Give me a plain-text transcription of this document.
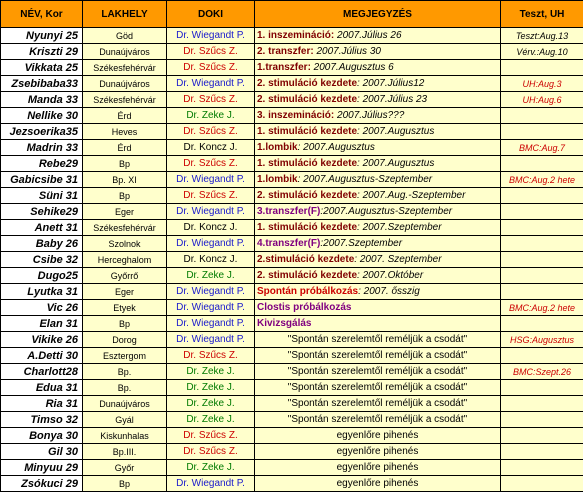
NÉV, Kor	LAKHELY	DOKI	MEGJEGYZÉS	Teszt, UH
Nyunyi 25	Göd	Dr. Wiegandt P.	1. inszemináció: 2007.Július 26	Teszt:Aug.13
Kriszti 29	Dunaújváros	Dr. Szűcs Z.	2. transzfer: 2007.Július 30	Vérv.:Aug.10
Vikkata 25	Székesfehérvár	Dr. Szűcs Z.	1.transzfer: 2007.Augusztus 6	
Zsebibaba33	Dunaújváros	Dr. Wiegandt P.	2. stimuláció kezdete: 2007.Július12	UH:Aug.3
Manda 33	Székesfehérvár	Dr. Szűcs Z.	2. stimuláció kezdete: 2007.Július 23	UH:Aug.6
Nellike 30	Érd	Dr. Zeke J.	3. inszemináció: 2007.Július???	
Jezsoerika35	Heves	Dr. Szűcs Z.	1. stimuláció kezdete: 2007.Augusztus	
Madrin 33	Érd	Dr. Koncz J.	1.lombik: 2007.Augusztus	BMC:Aug.7
Rebe29	Bp	Dr. Szűcs Z.	1. stimuláció kezdete: 2007.Augusztus	
Gabicsibe 31	Bp. XI	Dr. Wiegandt P.	1.lombik: 2007.Augusztus-Szeptember	BMC:Aug.2 hete
Süni 31	Bp	Dr. Szűcs Z.	2. stimuláció kezdete: 2007.Aug.-Szeptember	
Sehike29	Eger	Dr. Wiegandt P.	3.transzfer(F):2007.Augusztus-Szeptember	
Anett 31	Székesfehérvár	Dr. Koncz J.	1. stimuláció kezdete: 2007.Szeptember	
Baby 26	Szolnok	Dr. Wiegandt P.	4.transzfer(F):2007.Szeptember	
Csibe 32	Herceghalom	Dr. Koncz J.	2.stimuláció kezdete: 2007. Szeptember	
Dugo25	Győrrő	Dr. Zeke J.	2. stimuláció kezdete: 2007.Október	
Lyutka 31	Eger	Dr. Wiegandt P.	Spontán próbálkozás: 2007. ősszig	
Vic 26	Etyek	Dr. Wiegandt P.	Clostis próbálkozás	BMC:Aug.2 hete
Elan 31	Bp	Dr. Wiegandt P.	Kivizsgálás	
Vikike 26	Dorog	Dr. Wiegandt P.	"Spontán szerelemtől reméljük a csodát"	HSG:Augusztus
A.Detti 30	Esztergom	Dr. Szűcs Z.	"Spontán szerelemtől reméljük a csodát"	
Charlott28	Bp.	Dr. Zeke J.	"Spontán szerelemtől reméljük a csodát"	BMC:Szept.26
Edua 31	Bp.	Dr. Zeke J.	"Spontán szerelemtől reméljük a csodát"	
Ria 31	Dunaújváros	Dr. Zeke J.	"Spontán szerelemtől reméljük a csodát"	
Timso 32	Gyál	Dr. Zeke J.	"Spontán szerelemtől reméljük a csodát"	
Bonya 30	Kiskunhalas	Dr. Szűcs Z.	egyenlőre pihenés	
Gil 30	Bp.III.	Dr. Szűcs Z.	egyenlőre pihenés	
Minyuu 29	Győr	Dr. Zeke J.	egyenlőre pihenés	
Zsókuci 29	Bp	Dr. Wiegandt P.	egyenlőre pihenés	
